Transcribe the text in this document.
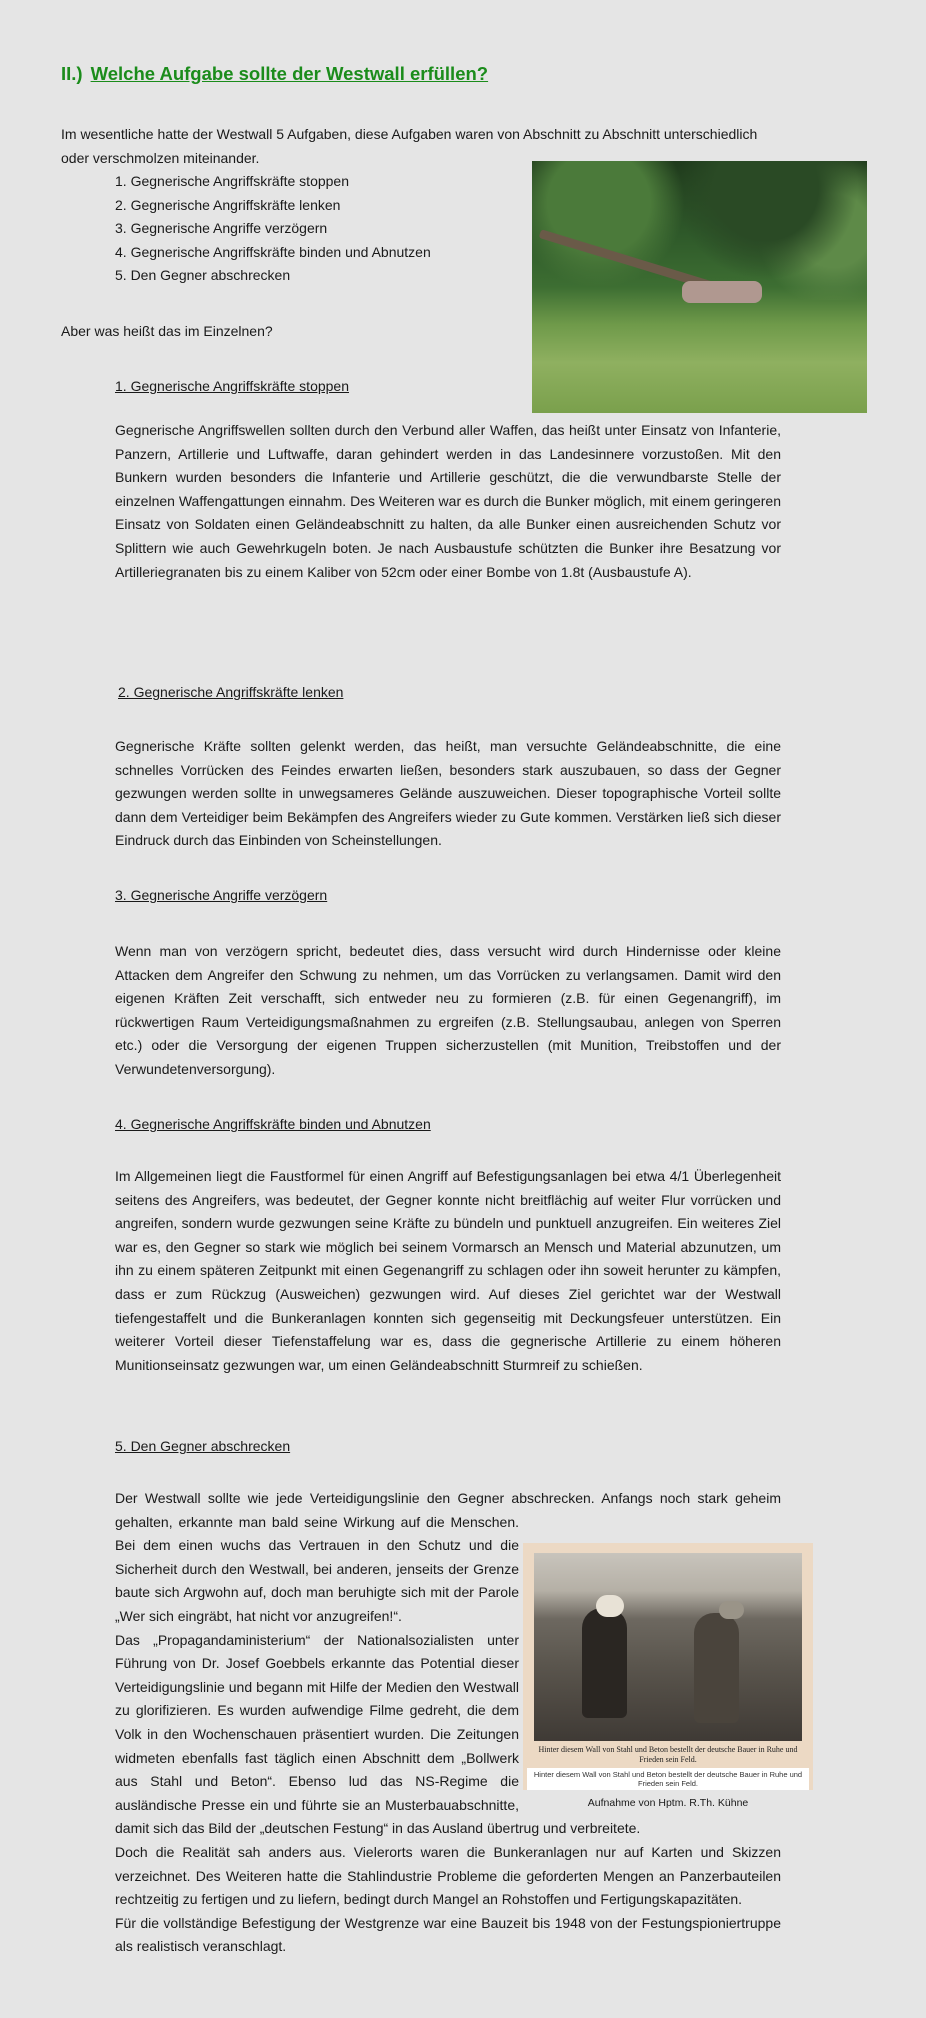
II.) Welche Aufgabe sollte der Westwall erfüllen?
Im wesentliche hatte der Westwall 5 Aufgaben, diese Aufgaben waren von Abschnitt zu Abschnitt unterschiedlich oder verschmolzen miteinander.
1. Gegnerische Angriffskräfte stoppen
2. Gegnerische Angriffskräfte lenken
3. Gegnerische Angriffe verzögern
4. Gegnerische Angriffskräfte binden und Abnutzen
5. Den Gegner abschrecken
Aber was heißt das im Einzelnen?
1. Gegnerische Angriffskräfte stoppen

Gegnerische Angriffswellen sollten durch den Verbund aller Waffen, das heißt unter Einsatz von Infanterie, Panzern, Artillerie und Luftwaffe, daran gehindert werden in das Landesinnere vorzustoßen. Mit den Bunkern wurden besonders die Infanterie und Artillerie geschützt, die die verwundbarste Stelle der einzelnen Waffengattungen einnahm. Des Weiteren war es durch die Bunker möglich, mit einem geringeren Einsatz von Soldaten einen Geländeabschnitt zu halten, da alle Bunker einen ausreichenden Schutz vor Splittern wie auch Gewehrkugeln boten. Je nach Ausbaustufe schützten die Bunker ihre Besatzung vor Artilleriegranaten bis zu einem Kaliber von 52cm oder einer Bombe von 1.8t (Ausbaustufe A).

2. Gegnerische Angriffskräfte lenken

Gegnerische Kräfte sollten gelenkt werden, das heißt, man versuchte Geländeabschnitte, die eine schnelles Vorrücken des Feindes erwarten ließen, besonders stark auszubauen, so dass der Gegner gezwungen werden sollte in unwegsameres Gelände auszuweichen. Dieser topographische Vorteil sollte dann dem Verteidiger beim Bekämpfen des Angreifers wieder zu Gute kommen. Verstärken ließ sich dieser Eindruck durch das Einbinden von Scheinstellungen.

3. Gegnerische Angriffe verzögern

Wenn man von verzögern spricht, bedeutet dies, dass versucht wird durch Hindernisse oder kleine Attacken dem Angreifer den Schwung zu nehmen, um das Vorrücken zu verlangsamen. Damit wird den eigenen Kräften Zeit verschafft, sich entweder neu zu formieren (z.B. für einen Gegenangriff), im rückwertigen Raum Verteidigungsmaßnahmen zu ergreifen (z.B. Stellungsaubau, anlegen von Sperren etc.) oder die Versorgung der eigenen Truppen sicherzustellen (mit Munition, Treibstoffen und der Verwundetenversorgung).

4. Gegnerische Angriffskräfte binden und Abnutzen

Im Allgemeinen liegt die Faustformel für einen Angriff auf Befestigungsanlagen bei etwa 4/1 Überlegenheit seitens des Angreifers, was bedeutet, der Gegner konnte nicht breitflächig auf weiter Flur vorrücken und angreifen, sondern wurde gezwungen seine Kräfte zu bündeln und punktuell anzugreifen. Ein weiteres Ziel war es, den Gegner so stark wie möglich bei seinem Vormarsch an Mensch und Material abzunutzen, um ihn zu einem späteren Zeitpunkt mit einen Gegenangriff zu schlagen oder ihn soweit herunter zu kämpfen, dass er zum Rückzug (Ausweichen) gezwungen wird. Auf dieses Ziel gerichtet war der Westwall tiefengestaffelt und die Bunkeranlagen konnten sich gegenseitig mit Deckungsfeuer unterstützen. Ein weiterer Vorteil dieser Tiefenstaffelung war es, dass die gegnerische Artillerie zu einem höheren Munitionseinsatz gezwungen war, um einen Geländeabschnitt Sturmreif zu schießen.

5. Den Gegner abschrecken

Der Westwall sollte wie jede Verteidigungslinie den Gegner abschrecken. Anfangs noch stark geheim gehalten, erkannte man bald seine Wirkung auf die Menschen. Bei dem einen wuchs das Vertrauen in den Schutz und die Sicherheit durch den Westwall, bei anderen, jenseits der Grenze baute sich Argwohn auf, doch man beruhigte sich mit der Parole „Wer sich eingräbt, hat nicht vor anzugreifen!“.

Das „Propagandaministerium“ der Nationalsozialisten unter Führung von Dr. Josef Goebbels erkannte das Potential dieser Verteidigungslinie und begann mit Hilfe der Medien den Westwall zu glorifizieren. Es wurden aufwendige Filme gedreht, die dem Volk in den Wochenschauen präsentiert wurden. Die Zeitungen widmeten ebenfalls fast täglich einen Abschnitt dem „Bollwerk aus Stahl und Beton“. Ebenso lud das NS-Regime die ausländische Presse ein und führte sie an Musterbauabschnitte, damit sich das Bild der „deutschen Festung“ in das Ausland übertrug und verbreitete.

Doch die Realität sah anders aus. Vielerorts waren die Bunkeranlagen nur auf Karten und Skizzen verzeichnet. Des Weiteren hatte die Stahlindustrie Probleme die geforderten Mengen an Panzerbauteilen rechtzeitig zu fertigen und zu liefern, bedingt durch Mangel an Rohstoffen und Fertigungskapazitäten.

Für die vollständige Befestigung der Westgrenze war eine Bauzeit bis 1948 von der Festungspioniertruppe als realistisch veranschlagt.

Hinter diesem Wall von Stahl und Beton bestellt der deutsche Bauer in Ruhe und Frieden sein Feld.
Hinter diesem Wall von Stahl und Beton bestellt der deutsche Bauer in Ruhe und Frieden sein Feld.
Aufnahme von Hptm. R.Th. Kühne
